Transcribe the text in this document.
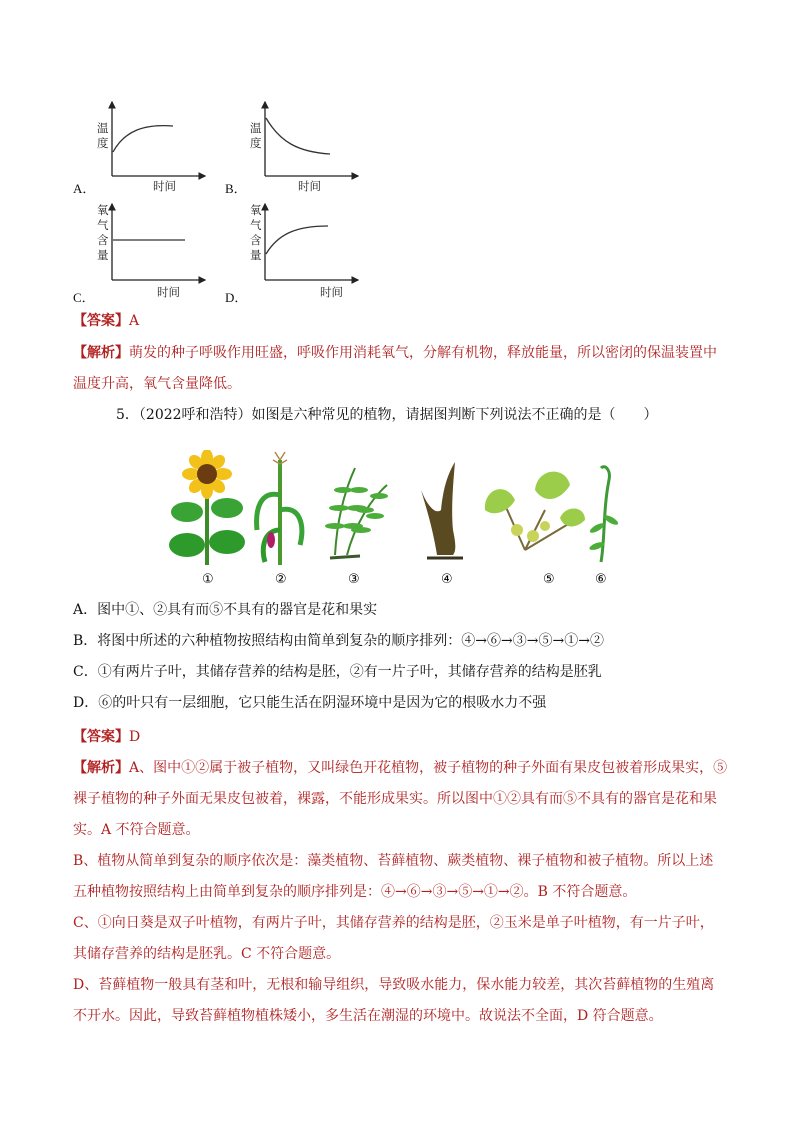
A．
温
度
时间	B．
温
度
时间
C．
氧
气
含
量
时间	D．
氧
气
含
量
时间
【答案】A
【解析】萌发的种子呼吸作用旺盛，呼吸作用消耗氧气，分解有机物，释放能量，所以密闭的保温装置中
温度升高，氧气含量降低。
5．（2022呼和浩特）如图是六种常见的植物，请据图判断下列说法不正确的是（　　）
①	②	③	④	⑤	⑥
A．图中①、②具有而⑤不具有的器官是花和果实
B．将图中所述的六种植物按照结构由简单到复杂的顺序排列：④→⑥→③→⑤→①→②
C．①有两片子叶，其储存营养的结构是胚，②有一片子叶，其储存营养的结构是胚乳
D．⑥的叶只有一层细胞，它只能生活在阴湿环境中是因为它的根吸水力不强
【答案】D
【解析】A、图中①②属于被子植物，又叫绿色开花植物，被子植物的种子外面有果皮包被着形成果实，⑤
裸子植物的种子外面无果皮包被着，裸露，不能形成果实。所以图中①②具有而⑤不具有的器官是花和果
实。A 不符合题意。
B、植物从简单到复杂的顺序依次是：藻类植物、苔藓植物、蕨类植物、裸子植物和被子植物。所以上述
五种植物按照结构上由简单到复杂的顺序排列是：④→⑥→③→⑤→①→②。B 不符合题意。
C、①向日葵是双子叶植物，有两片子叶，其储存营养的结构是胚，②玉米是单子叶植物，有一片子叶，
其储存营养的结构是胚乳。C 不符合题意。
D、苔藓植物一般具有茎和叶，无根和输导组织，导致吸水能力，保水能力较差，其次苔藓植物的生殖离
不开水。因此，导致苔藓植物植株矮小，多生活在潮湿的环境中。故说法不全面，D 符合题意。
